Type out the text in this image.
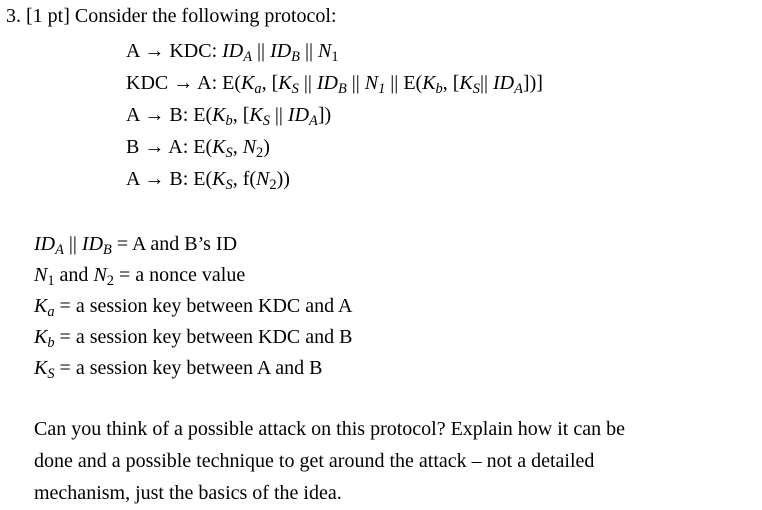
3. [1 pt] Consider the following protocol:
A → KDC: $ID_A$ || $ID_B$ || $N_1$
KDC → A: $E(K_a$, [$K_S$ || $ID_B$ || $N_1$ || $E(K_b$, [$K_S||$ $ID_A$])]
A → B: $E(K_b$, [$K_S$ || $ID_A$])
B → A: $E(K_S$, $N_2$)
A → B: $E(K_S$, $f(N_2)$)
$ID_A$ || $ID_B = A$ and B’s ID
$N_1$ and $N_2 = a$ nonce value
$K_a = a$ session key between KDC and A
$K_b = a$ session key between KDC and B
$K_S = a$ session key between A and B
Can you think of a possible attack on this protocol? Explain how it can be
done and a possible technique to get around the attack – not a detailed
mechanism, just the basics of the idea.
